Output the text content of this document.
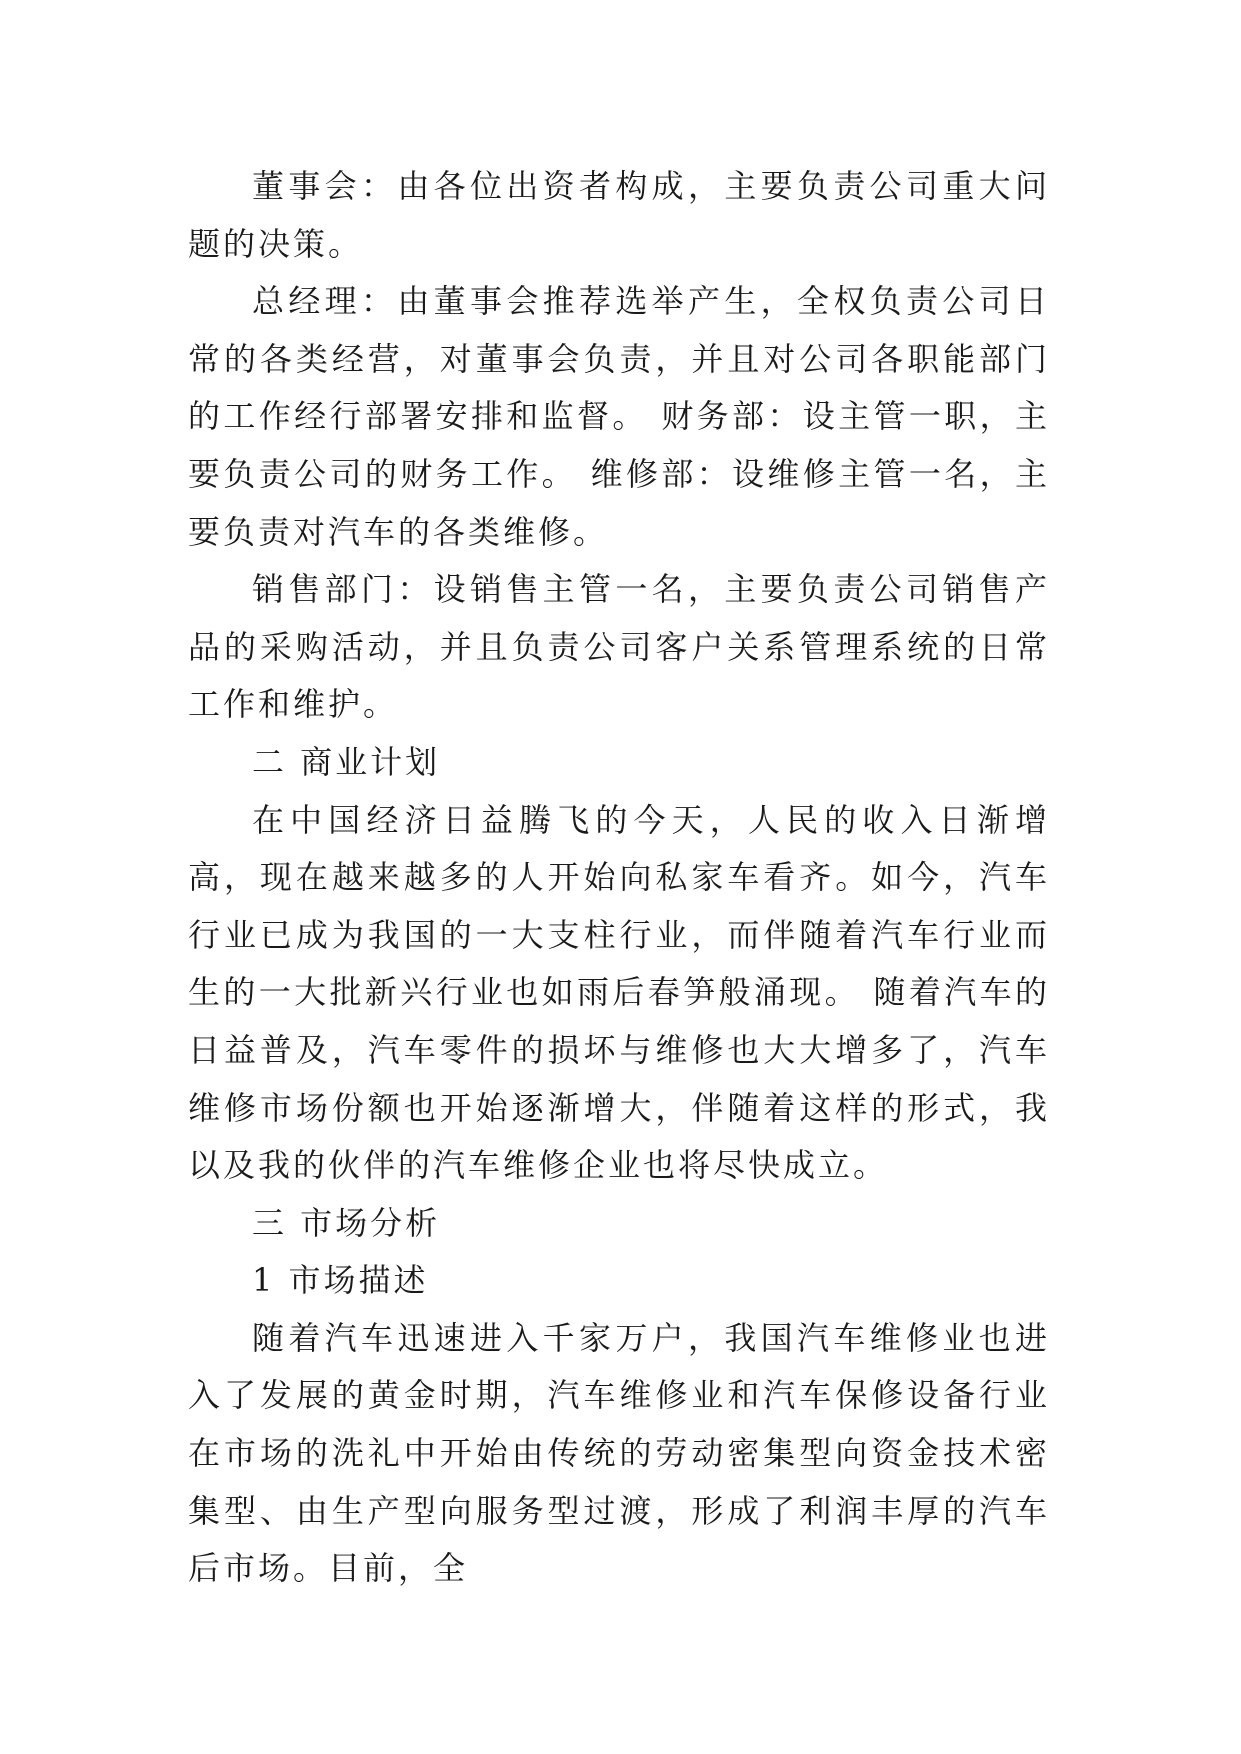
董事会：由各位出资者构成，主要负责公司重大问题的决策。

总经理：由董事会推荐选举产生，全权负责公司日常的各类经营，对董事会负责，并且对公司各职能部门的工作经行部署安排和监督。 财务部：设主管一职，主要负责公司的财务工作。 维修部：设维修主管一名，主要负责对汽车的各类维修。

销售部门：设销售主管一名，主要负责公司销售产品的采购活动，并且负责公司客户关系管理系统的日常工作和维护。

二 商业计划

在中国经济日益腾飞的今天，人民的收入日渐增高，现在越来越多的人开始向私家车看齐。如今，汽车行业已成为我国的一大支柱行业，而伴随着汽车行业而生的一大批新兴行业也如雨后春笋般涌现。 随着汽车的日益普及，汽车零件的损坏与维修也大大增多了，汽车维修市场份额也开始逐渐增大，伴随着这样的形式，我以及我的伙伴的汽车维修企业也将尽快成立。

三 市场分析

1 市场描述

随着汽车迅速进入千家万户，我国汽车维修业也进入了发展的黄金时期，汽车维修业和汽车保修设备行业在市场的洗礼中开始由传统的劳动密集型向资金技术密集型、由生产型向服务型过渡，形成了利润丰厚的汽车后市场。目前，全
